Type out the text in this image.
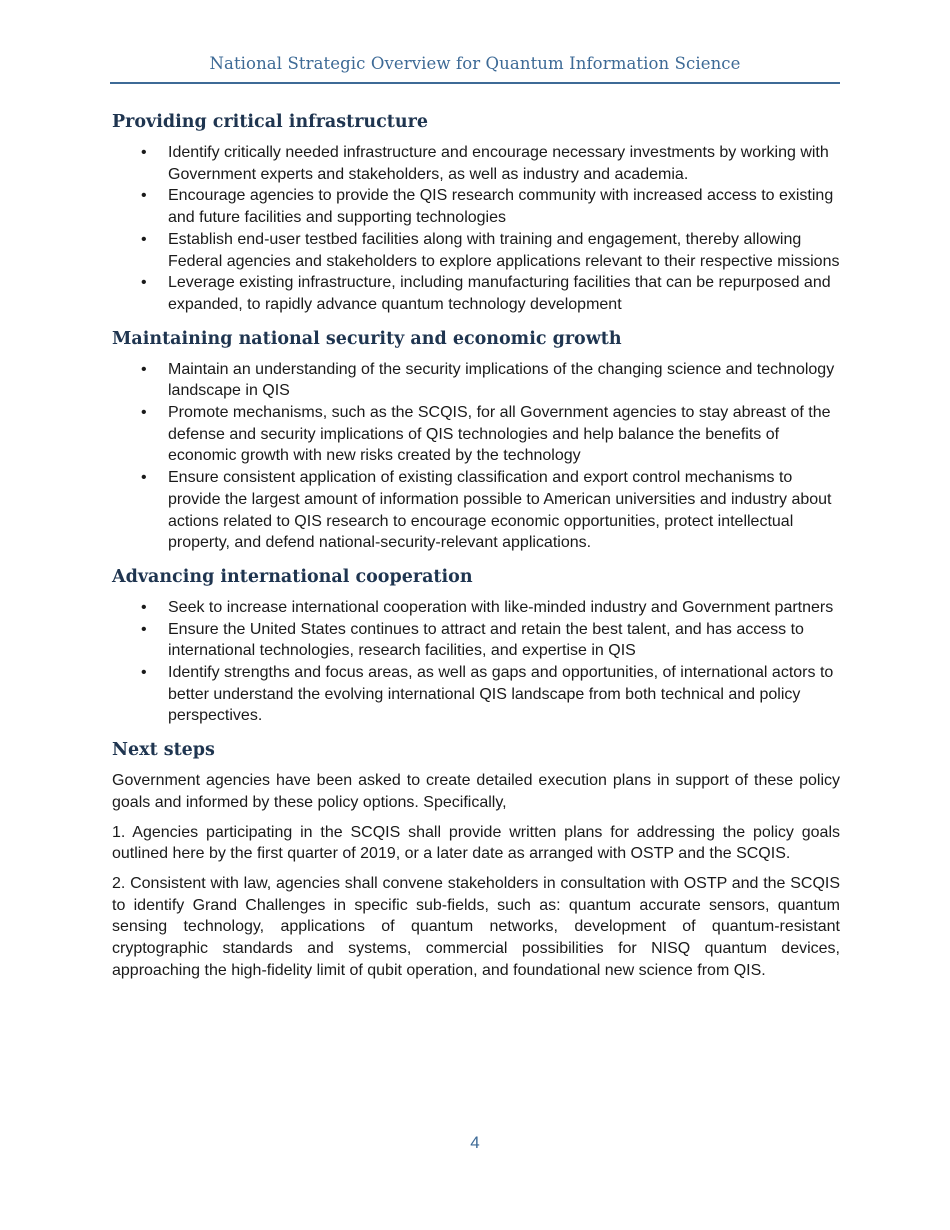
National Strategic Overview for Quantum Information Science
Providing critical infrastructure
• Identify critically needed infrastructure and encourage necessary investments by working with Government experts and stakeholders, as well as industry and academia.
• Encourage agencies to provide the QIS research community with increased access to existing and future facilities and supporting technologies
• Establish end-user testbed facilities along with training and engagement, thereby allowing Federal agencies and stakeholders to explore applications relevant to their respective missions
• Leverage existing infrastructure, including manufacturing facilities that can be repurposed and expanded, to rapidly advance quantum technology development
Maintaining national security and economic growth
• Maintain an understanding of the security implications of the changing science and technology landscape in QIS
• Promote mechanisms, such as the SCQIS, for all Government agencies to stay abreast of the defense and security implications of QIS technologies and help balance the benefits of economic growth with new risks created by the technology
• Ensure consistent application of existing classification and export control mechanisms to provide the largest amount of information possible to American universities and industry about actions related to QIS research to encourage economic opportunities, protect intellectual property, and defend national-security-relevant applications.
Advancing international cooperation
• Seek to increase international cooperation with like-minded industry and Government partners
• Ensure the United States continues to attract and retain the best talent, and has access to international technologies, research facilities, and expertise in QIS
• Identify strengths and focus areas, as well as gaps and opportunities, of international actors to better understand the evolving international QIS landscape from both technical and policy perspectives.
Next steps

Government agencies have been asked to create detailed execution plans in support of these policy goals and informed by these policy options. Specifically,

1. Agencies participating in the SCQIS shall provide written plans for addressing the policy goals outlined here by the first quarter of 2019, or a later date as arranged with OSTP and the SCQIS.

2. Consistent with law, agencies shall convene stakeholders in consultation with OSTP and the SCQIS to identify Grand Challenges in specific sub-fields, such as: quantum accurate sensors, quantum sensing technology, applications of quantum networks, development of quantum-resistant cryptographic standards and systems, commercial possibilities for NISQ quantum devices, approaching the high-fidelity limit of qubit operation, and foundational new science from QIS.

4
